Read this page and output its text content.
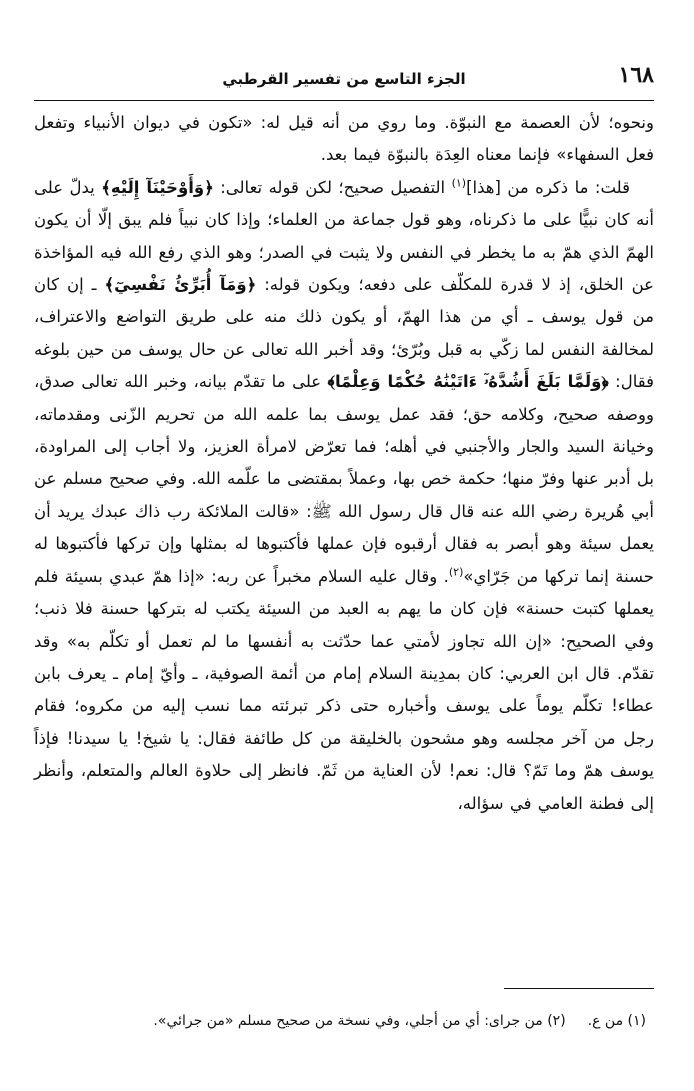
١٦٨
الجزء التاسع من تفسير القرطبي

ونحوه؛ لأن العصمة مع النبوّة. وما روي من أنه قيل له: «تكون في ديوان الأنبياء وتفعل فعل السفهاء» فإنما معناه العِدَة بالنبوّة فيما بعد.

قلت: ما ذكره من [هذا]$^{(١)}$ التفصيل صحيح؛ لكن قوله تعالى: ﴿وَأَوْحَيْنَآ إِلَيْهِ﴾ يدلّ على أنه كان نبيًّا على ما ذكرناه، وهو قول جماعة من العلماء؛ وإذا كان نبياً فلم يبق إلّا أن يكون الهمّ الذي همّ به ما يخطر في النفس ولا يثبت في الصدر؛ وهو الذي رفع الله فيه المؤاخذة عن الخلق، إذ لا قدرة للمكلّف على دفعه؛ ويكون قوله: ﴿وَمَآ أُبَرِّئُ نَفْسِيٓ﴾ ـ إن كان من قول يوسف ـ أي من هذا الهمّ، أو يكون ذلك منه على طريق التواضع والاعتراف، لمخالفة النفس لما زكّي به قبل وبُرّئ؛ وقد أخبر الله تعالى عن حال يوسف من حين بلوغه فقال: ﴿وَلَمَّا بَلَغَ أَشُدَّهُۥٓ ءَاتَيْنَٰهُ حُكْمًا وَعِلْمًا﴾ على ما تقدّم بيانه، وخبر الله تعالى صدق، ووصفه صحيح، وكلامه حق؛ فقد عمل يوسف بما علمه الله من تحريم الزّنى ومقدماته، وخيانة السيد والجار والأجنبي في أهله؛ فما تعرّض لامرأة العزيز، ولا أجاب إلى المراودة، بل أدبر عنها وفرّ منها؛ حكمة خص بها، وعملاً بمقتضى ما علّمه الله. وفي صحيح مسلم عن أبي هُريرة رضي الله عنه قال قال رسول الله ﷺ: «قالت الملائكة رب ذاك عبدك يريد أن يعمل سيئة وهو أبصر به فقال أرقبوه فإن عملها فأكتبوها له بمثلها وإن تركها فأكتبوها له حسنة إنما تركها من جَرّاي»$^{(٢)}$. وقال عليه السلام مخبراً عن ربه: «إذا همّ عبدي بسيئة فلم يعملها كتبت حسنة» فإن كان ما يهم به العبد من السيئة يكتب له بتركها حسنة فلا ذنب؛ وفي الصحيح: «إن الله تجاوز لأمتي عما حدّثت به أنفسها ما لم تعمل أو تكلّم به» وقد تقدّم. قال ابن العربي: كان بمدِينة السلام إمام من أئمة الصوفية، ـ وأيّ إمام ـ يعرف بابن عطاء! تكلّم يوماً على يوسف وأخباره حتى ذكر تبرئته مما نسب إليه من مكروه؛ فقام رجل من آخر مجلسه وهو مشحون بالخليقة من كل طائفة فقال: يا شيخ! يا سيدنا! فإذاً يوسف همّ وما تَمّ؟ قال: نعم! لأن العناية من ثَمّ. فانظر إلى حلاوة العالم والمتعلم، وأنظر إلى فطنة العامي في سؤاله،

(١) من ع.(٢) من جراى: أي من أجلي، وفي نسخة من صحيح مسلم «من جرائي».
